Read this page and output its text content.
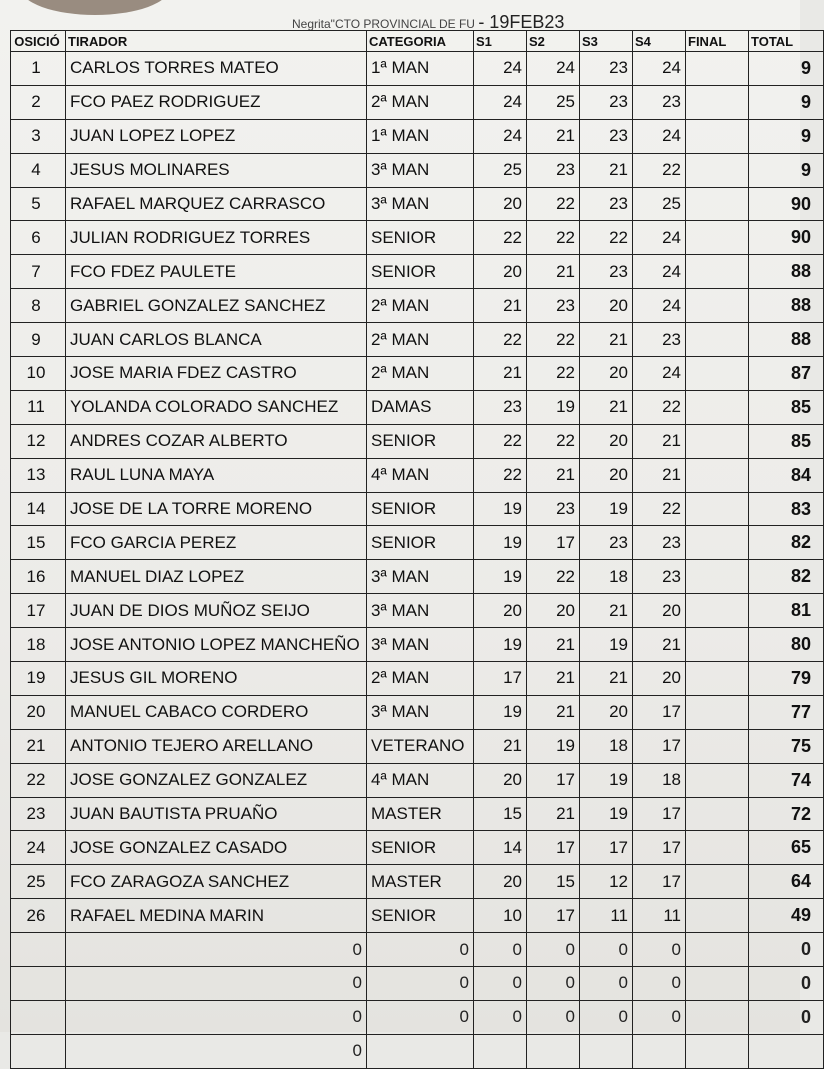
Negrita"CTO PROVINCIAL DE FU - 19FEB23
OSICIÓ	TIRADOR	CATEGORIA	S1	S2	S3	S4	FINAL	TOTAL
1	CARLOS TORRES MATEO	1ª MAN	24	24	23	24		9
2	FCO PAEZ RODRIGUEZ	2ª MAN	24	25	23	23		9
3	JUAN LOPEZ LOPEZ	1ª MAN	24	21	23	24		9
4	JESUS MOLINARES	3ª MAN	25	23	21	22		9
5	RAFAEL MARQUEZ CARRASCO	3ª MAN	20	22	23	25		90
6	JULIAN RODRIGUEZ TORRES	SENIOR	22	22	22	24		90
7	FCO FDEZ PAULETE	SENIOR	20	21	23	24		88
8	GABRIEL GONZALEZ SANCHEZ	2ª MAN	21	23	20	24		88
9	JUAN CARLOS BLANCA	2ª MAN	22	22	21	23		88
10	JOSE MARIA FDEZ CASTRO	2ª MAN	21	22	20	24		87
11	YOLANDA COLORADO SANCHEZ	DAMAS	23	19	21	22		85
12	ANDRES COZAR ALBERTO	SENIOR	22	22	20	21		85
13	RAUL LUNA MAYA	4ª MAN	22	21	20	21		84
14	JOSE DE LA TORRE MORENO	SENIOR	19	23	19	22		83
15	FCO GARCIA PEREZ	SENIOR	19	17	23	23		82
16	MANUEL DIAZ LOPEZ	3ª MAN	19	22	18	23		82
17	JUAN DE DIOS MUÑOZ SEIJO	3ª MAN	20	20	21	20		81
18	JOSE ANTONIO LOPEZ MANCHEÑO	3ª MAN	19	21	19	21		80
19	JESUS GIL MORENO	2ª MAN	17	21	21	20		79
20	MANUEL CABACO CORDERO	3ª MAN	19	21	20	17		77
21	ANTONIO TEJERO ARELLANO	VETERANO	21	19	18	17		75
22	JOSE GONZALEZ GONZALEZ	4ª MAN	20	17	19	18		74
23	JUAN BAUTISTA PRUAÑO	MASTER	15	21	19	17		72
24	JOSE GONZALEZ CASADO	SENIOR	14	17	17	17		65
25	FCO ZARAGOZA SANCHEZ	MASTER	20	15	12	17		64
26	RAFAEL MEDINA MARIN	SENIOR	10	17	11	11		49
	0	0	0	0	0	0		0
	0	0	0	0	0	0		0
	0	0	0	0	0	0		0
	0							
